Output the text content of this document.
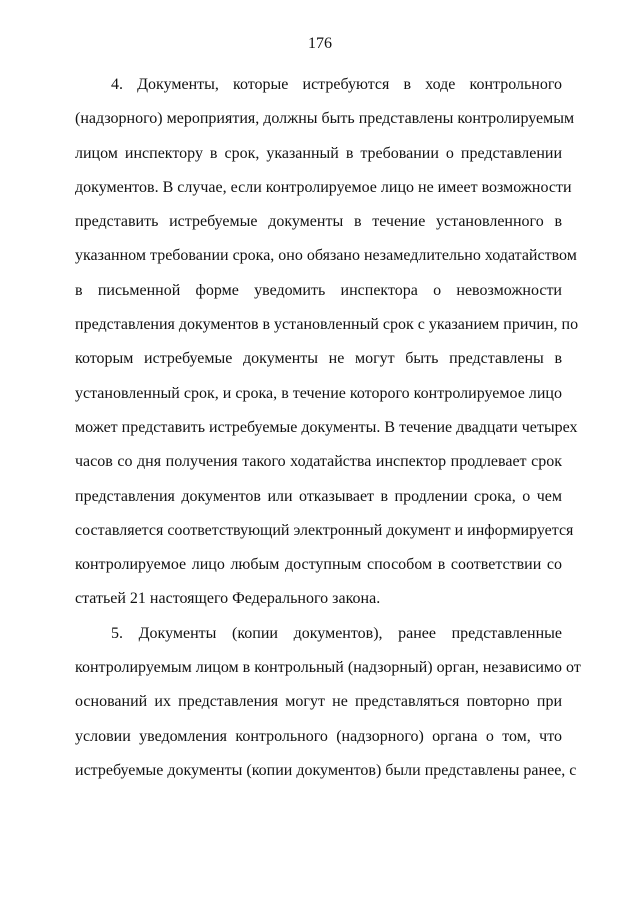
176
4. Документы, которые истребуются в ходе контрольного
(надзорного) мероприятия, должны быть представлены контролируемым
лицом инспектору в срок, указанный в требовании о представлении
документов. В случае, если контролируемое лицо не имеет возможности
представить истребуемые документы в течение установленного в
указанном требовании срока, оно обязано незамедлительно ходатайством
в письменной форме уведомить инспектора о невозможности
представления документов в установленный срок с указанием причин, по
которым истребуемые документы не могут быть представлены в
установленный срок, и срока, в течение которого контролируемое лицо
может представить истребуемые документы. В течение двадцати четырех
часов со дня получения такого ходатайства инспектор продлевает срок
представления документов или отказывает в продлении срока, о чем
составляется соответствующий электронный документ и информируется
контролируемое лицо любым доступным способом в соответствии со
статьей 21 настоящего Федерального закона.
5. Документы (копии документов), ранее представленные
контролируемым лицом в контрольный (надзорный) орган, независимо от
оснований их представления могут не представляться повторно при
условии уведомления контрольного (надзорного) органа о том, что
истребуемые документы (копии документов) были представлены ранее, с
